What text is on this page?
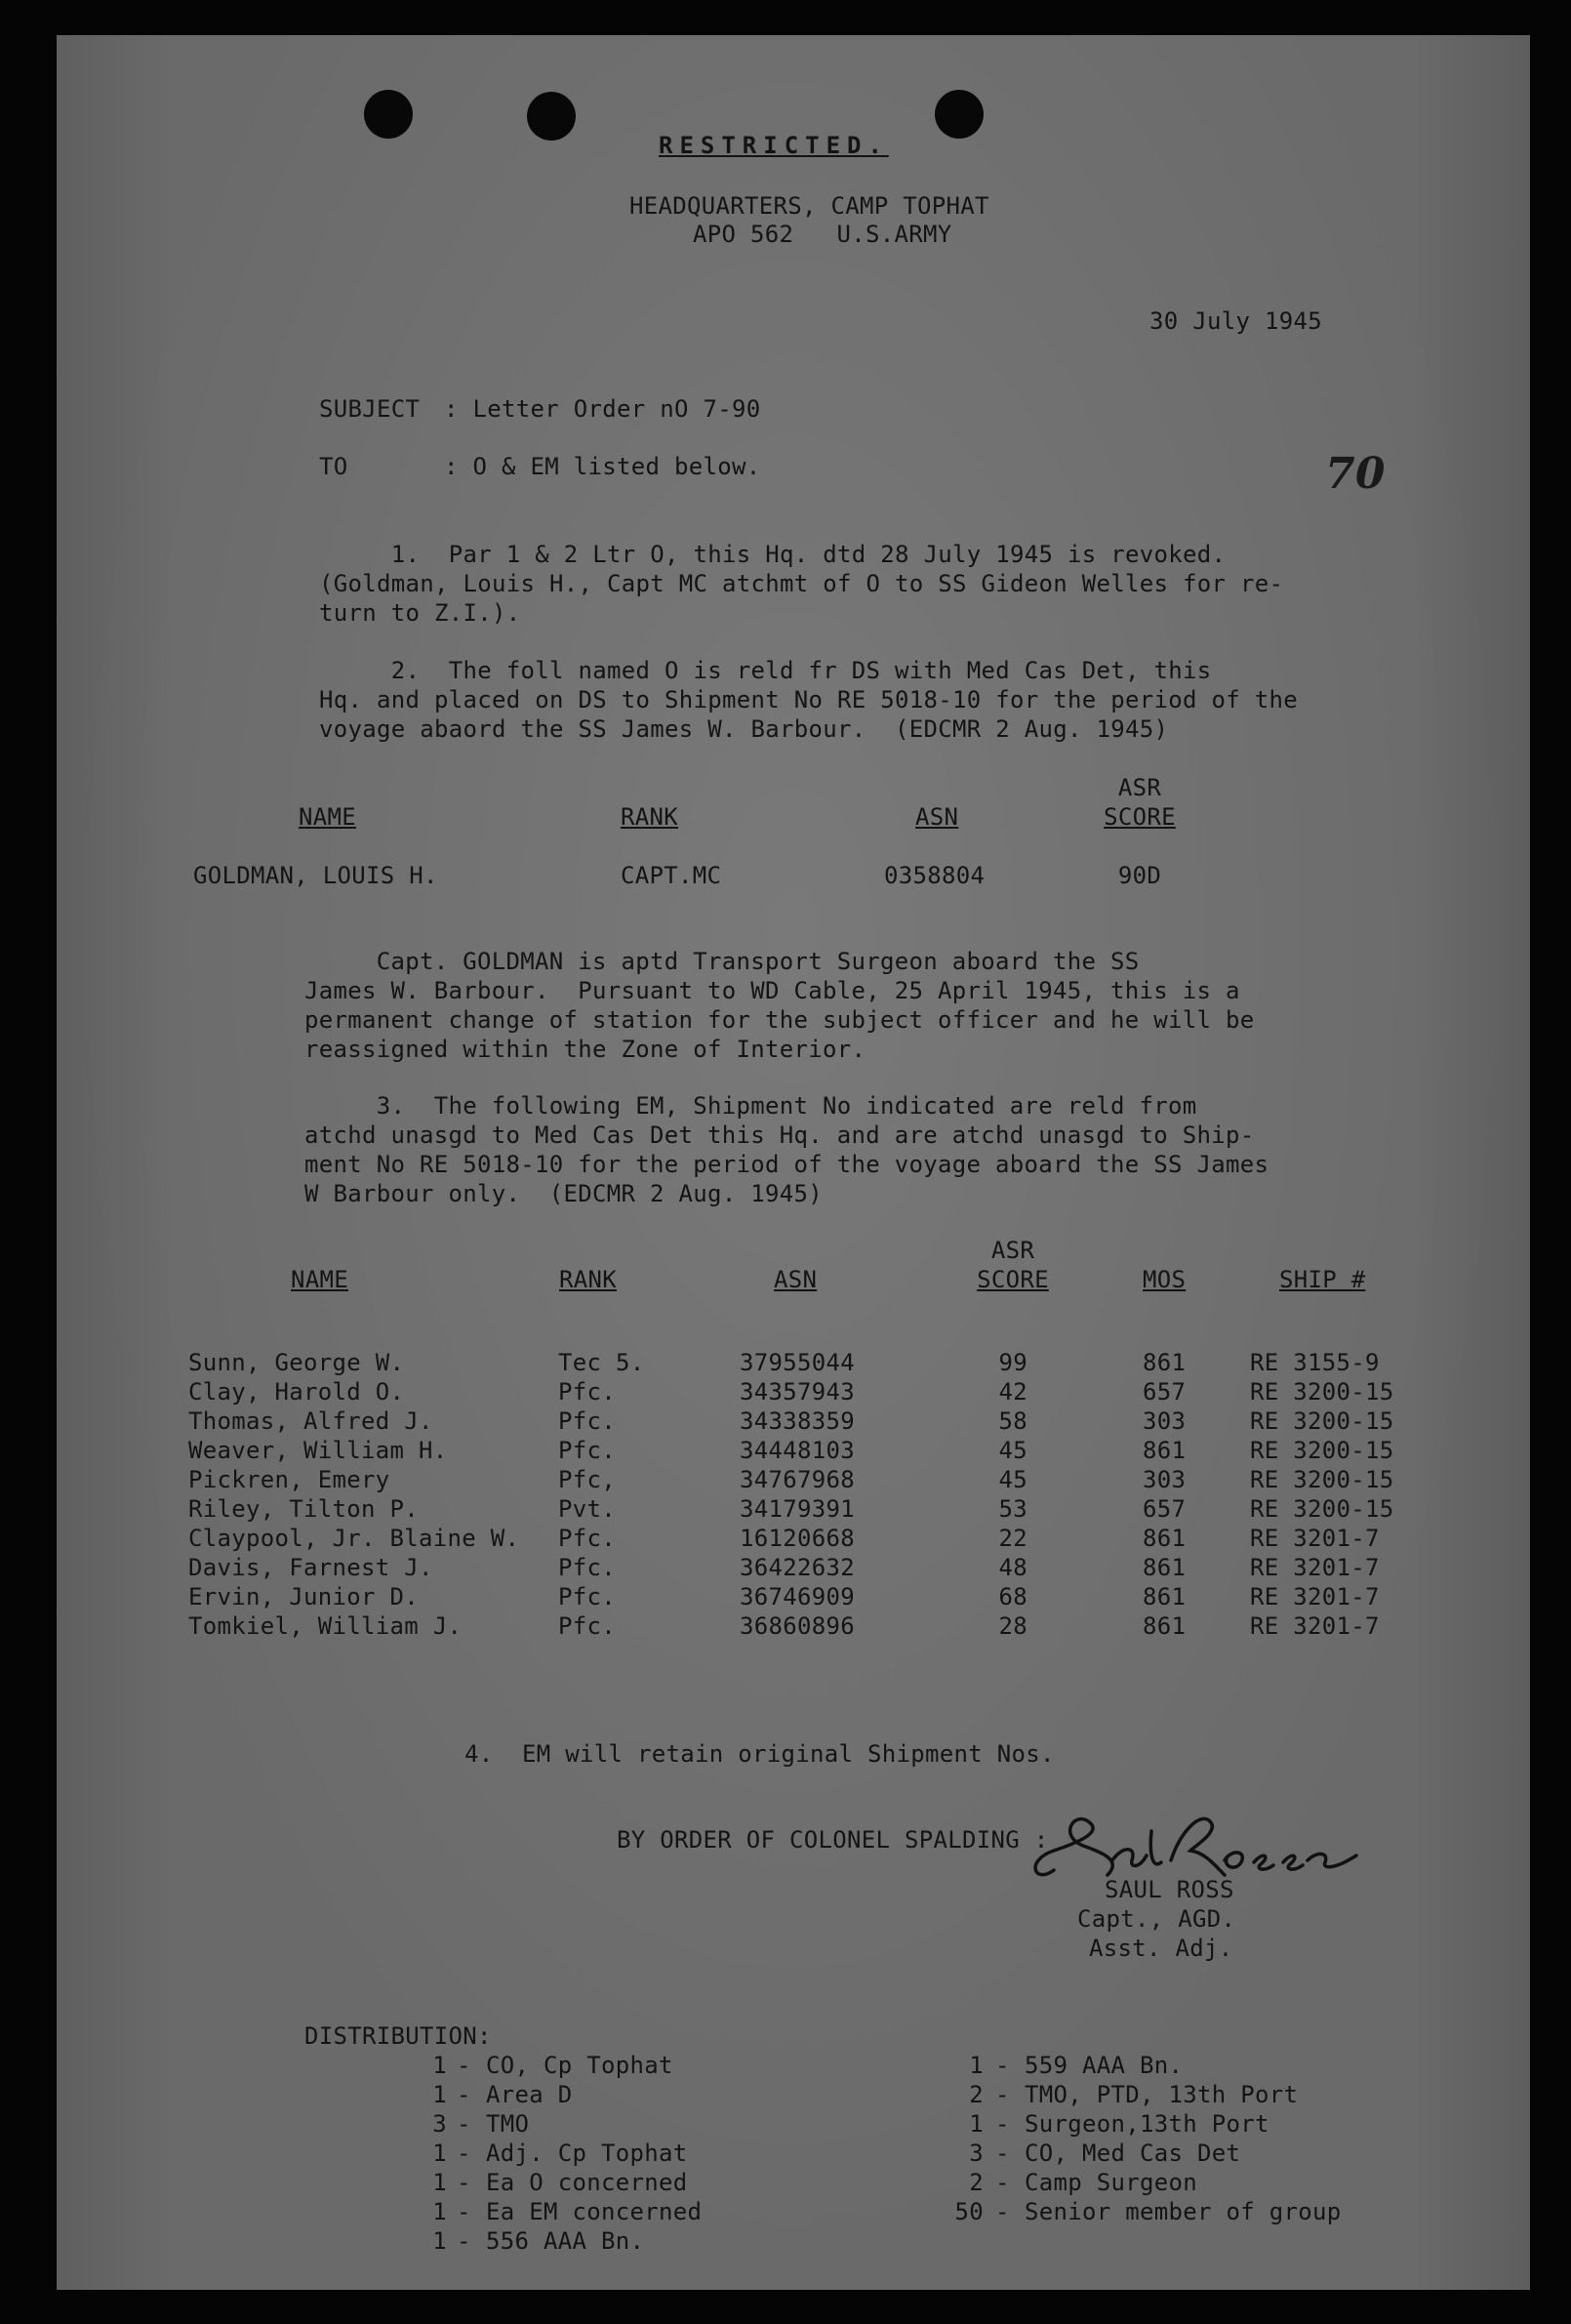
RESTRICTED.
HEADQUARTERS, CAMP TOPHAT
APO 562   U.S.ARMY
30 July 1945
70
SUBJECT : Letter Order nO 7-90
TO	: O & EM listed below.
1.  Par 1 & 2 Ltr O, this Hq. dtd 28 July 1945 is revoked.
(Goldman, Louis H., Capt MC atchmt of O to SS Gideon Welles for re-
turn to Z.I.).
2.  The foll named O is reld fr DS with Med Cas Det, this
Hq. and placed on DS to Shipment No RE 5018-10 for the period of the
voyage abaord the SS James W. Barbour.  (EDCMR 2 Aug. 1945)
NAME	RANK	ASN
ASR
SCORE
GOLDMAN, LOUIS H.	CAPT.MC	0358804	90D
Capt. GOLDMAN is aptd Transport Surgeon aboard the SS
James W. Barbour.  Pursuant to WD Cable, 25 April 1945, this is a
permanent change of station for the subject officer and he will be
reassigned within the Zone of Interior.
3.  The following EM, Shipment No indicated are reld from
atchd unasgd to Med Cas Det this Hq. and are atchd unasgd to Ship-
ment No RE 5018-10 for the period of the voyage aboard the SS James
W Barbour only.  (EDCMR 2 Aug. 1945)
NAME	RANK	ASN
ASR
SCORE	MOS	SHIP #
Sunn, George W.	Tec 5.	37955044	99	861	RE 3155-9
Clay, Harold O.	Pfc.	34357943	42	657	RE 3200-15
Thomas, Alfred J.	Pfc.	34338359	58	303	RE 3200-15
Weaver, William H.	Pfc.	34448103	45	861	RE 3200-15
Pickren, Emery	Pfc,	34767968	45	303	RE 3200-15
Riley, Tilton P.	Pvt.	34179391	53	657	RE 3200-15
Claypool, Jr. Blaine W. Pfc.	16120668	22	861	RE 3201-7
Davis, Farnest J.	Pfc.	36422632	48	861	RE 3201-7
Ervin, Junior D.	Pfc.	36746909	68	861	RE 3201-7
Tomkiel, William J.	Pfc.	36860896	28	861	RE 3201-7
4.  EM will retain original Shipment Nos.
BY ORDER OF COLONEL SPALDING :
SAUL ROSS
Capt., AGD.
Asst. Adj.
DISTRIBUTION:
1 - CO, Cp Tophat
1 - Area D
3 - TMO
1 - Adj. Cp Tophat
1 - Ea O concerned
1 - Ea EM concerned
1 - 556 AAA Bn.
1 - 559 AAA Bn.
2 - TMO, PTD, 13th Port
1 - Surgeon,13th Port
3 - CO, Med Cas Det
2 - Camp Surgeon
50 - Senior member of group
